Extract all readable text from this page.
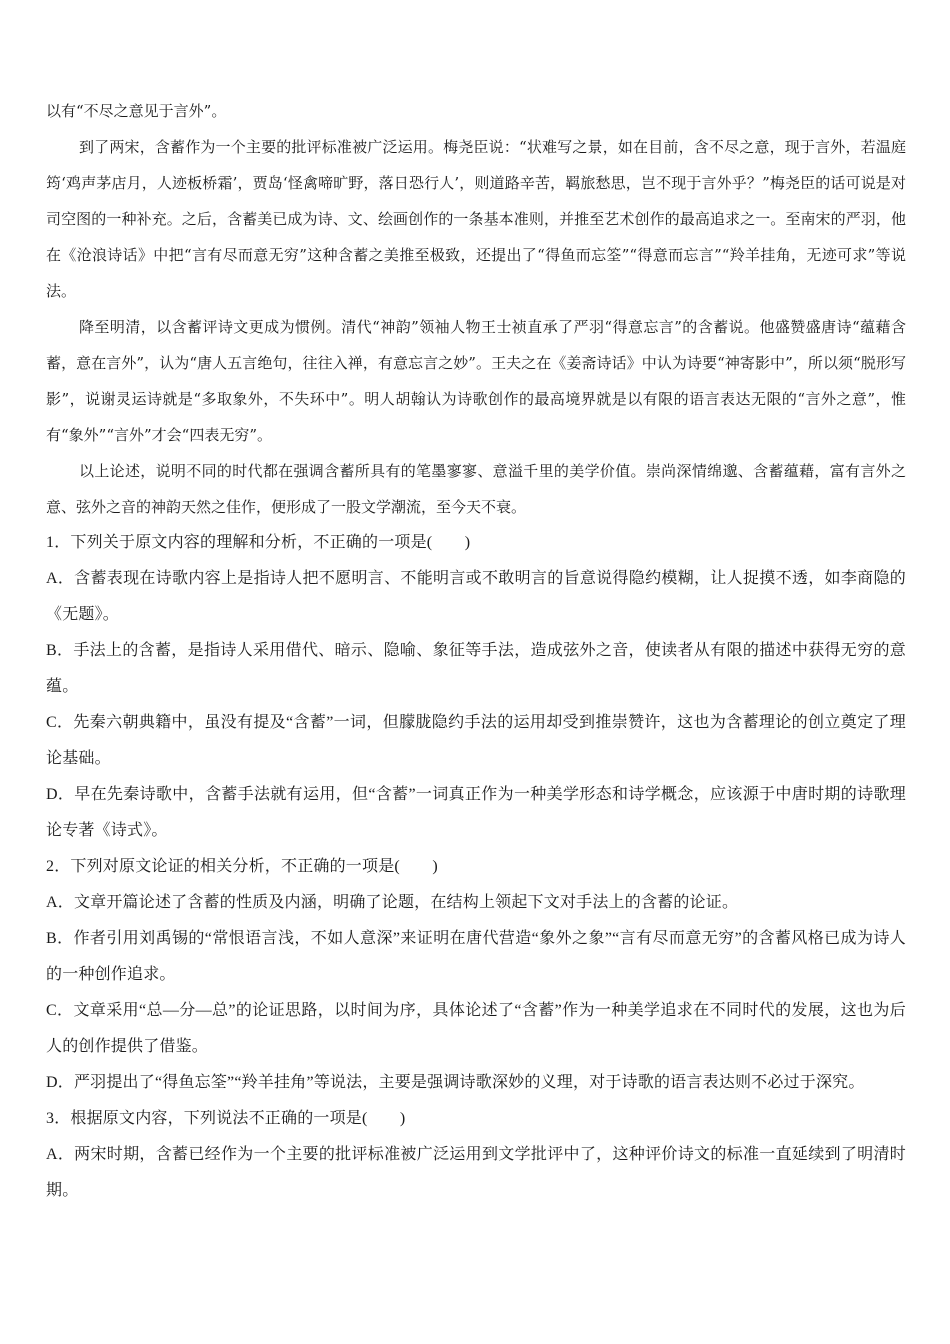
以有“不尽之意见于言外”。

到了两宋，含蓄作为一个主要的批评标准被广泛运用。梅尧臣说：“状难写之景，如在目前，含不尽之意，现于言外，若温庭筠‘鸡声茅店月，人迹板桥霜’，贾岛‘怪禽啼旷野，落日恐行人’，则道路辛苦，羁旅愁思，岂不现于言外乎？”梅尧臣的话可说是对司空图的一种补充。之后，含蓄美已成为诗、文、绘画创作的一条基本准则，并推至艺术创作的最高追求之一。至南宋的严羽，他在《沧浪诗话》中把“言有尽而意无穷”这种含蓄之美推至极致，还提出了“得鱼而忘筌”“得意而忘言”“羚羊挂角，无迹可求”等说法。

降至明清，以含蓄评诗文更成为惯例。清代“神韵”领袖人物王士祯直承了严羽“得意忘言”的含蓄说。他盛赞盛唐诗“蕴藉含蓄，意在言外”，认为“唐人五言绝句，往往入禅，有意忘言之妙”。王夫之在《姜斋诗话》中认为诗要“神寄影中”，所以须“脱形写影”，说谢灵运诗就是“多取象外，不失环中”。明人胡翰认为诗歌创作的最高境界就是以有限的语言表达无限的“言外之意”，惟有“象外”“言外”才会“四表无穷”。

以上论述，说明不同的时代都在强调含蓄所具有的笔墨寥寥、意溢千里的美学价值。崇尚深情绵邈、含蓄蕴藉，富有言外之意、弦外之音的神韵天然之佳作，便形成了一股文学潮流，至今天不衰。

1．下列关于原文内容的理解和分析，不正确的一项是(　　)

A．含蓄表现在诗歌内容上是指诗人把不愿明言、不能明言或不敢明言的旨意说得隐约模糊，让人捉摸不透，如李商隐的《无题》。

B．手法上的含蓄，是指诗人采用借代、暗示、隐喻、象征等手法，造成弦外之音，使读者从有限的描述中获得无穷的意蕴。

C．先秦六朝典籍中，虽没有提及“含蓄”一词，但朦胧隐约手法的运用却受到推崇赞许，这也为含蓄理论的创立奠定了理论基础。

D．早在先秦诗歌中，含蓄手法就有运用，但“含蓄”一词真正作为一种美学形态和诗学概念，应该源于中唐时期的诗歌理论专著《诗式》。

2．下列对原文论证的相关分析，不正确的一项是(　　)

A．文章开篇论述了含蓄的性质及内涵，明确了论题，在结构上领起下文对手法上的含蓄的论证。

B．作者引用刘禹锡的“常恨语言浅，不如人意深”来证明在唐代营造“象外之象”“言有尽而意无穷”的含蓄风格已成为诗人的一种创作追求。

C．文章采用“总—分—总”的论证思路，以时间为序，具体论述了“含蓄”作为一种美学追求在不同时代的发展，这也为后人的创作提供了借鉴。

D．严羽提出了“得鱼忘筌”“羚羊挂角”等说法，主要是强调诗歌深妙的义理，对于诗歌的语言表达则不必过于深究。

3．根据原文内容，下列说法不正确的一项是(　　)

A．两宋时期，含蓄已经作为一个主要的批评标准被广泛运用到文学批评中了，这种评价诗文的标准一直延续到了明清时期。
